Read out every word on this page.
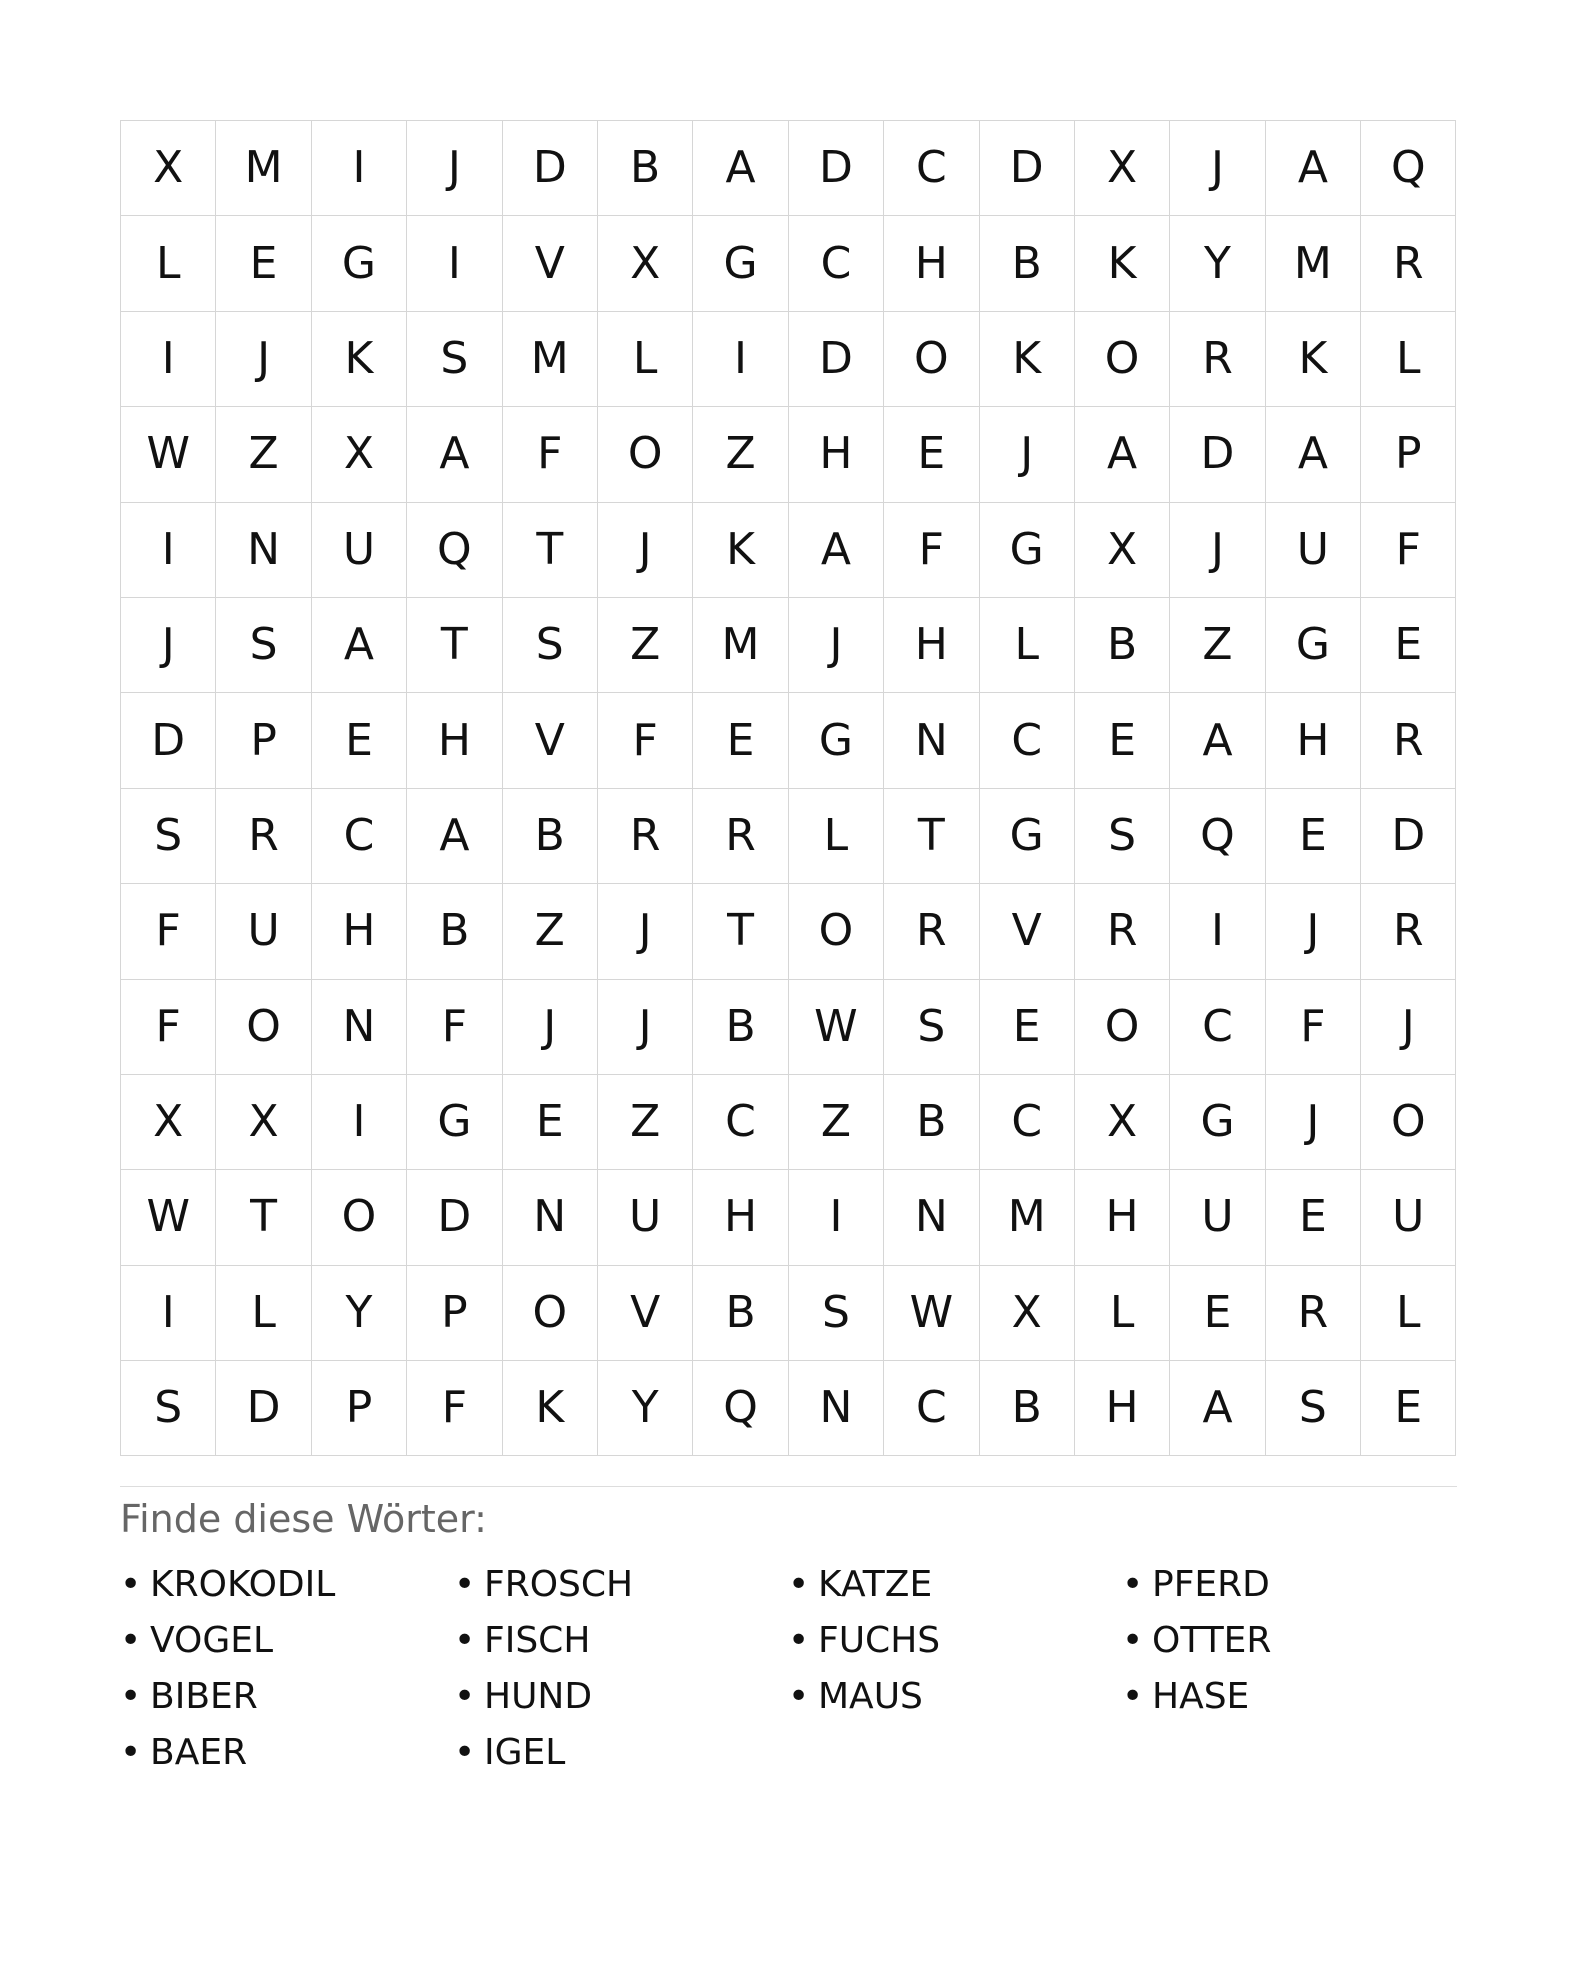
X	M	I	J	D	B	A	D	C	D	X	J	A	Q
L	E	G	I	V	X	G	C	H	B	K	Y	M	R
I	J	K	S	M	L	I	D	O	K	O	R	K	L
W	Z	X	A	F	O	Z	H	E	J	A	D	A	P
I	N	U	Q	T	J	K	A	F	G	X	J	U	F
J	S	A	T	S	Z	M	J	H	L	B	Z	G	E
D	P	E	H	V	F	E	G	N	C	E	A	H	R
S	R	C	A	B	R	R	L	T	G	S	Q	E	D
F	U	H	B	Z	J	T	O	R	V	R	I	J	R
F	O	N	F	J	J	B	W	S	E	O	C	F	J
X	X	I	G	E	Z	C	Z	B	C	X	G	J	O
W	T	O	D	N	U	H	I	N	M	H	U	E	U
I	L	Y	P	O	V	B	S	W	X	L	E	R	L
S	D	P	F	K	Y	Q	N	C	B	H	A	S	E
Finde diese Wörter:
• KROKODIL	• FROSCH	• KATZE	• PFERD
• VOGEL	• FISCH	• FUCHS	• OTTER
• BIBER	• HUND	• MAUS	• HASE
• BAER	• IGEL
